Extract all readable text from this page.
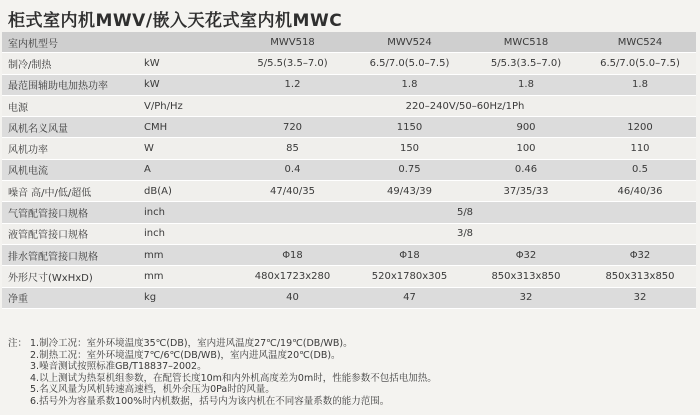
柜式室内机MWV/嵌入天花式室内机MWC
室内机型号		MWV518	MWV524	MWC518	MWC524
制冷/制热	kW	5/5.5(3.5–7.0)	6.5/7.0(5.0–7.5)	5/5.3(3.5–7.0)	6.5/7.0(5.0–7.5)
最范围辅助电加热功率	kW	1.2	1.8	1.8	1.8
电源	V/Ph/Hz	220–240V/50–60Hz/1Ph			
风机名义风量	CMH	720	1150	900	1200
风机功率	W	85	150	100	110
风机电流	A	0.4	0.75	0.46	0.5
噪音 高/中/低/超低	dB(A)	47/40/35	49/43/39	37/35/33	46/40/36
气管配管接口规格	inch	5/8			
液管配管接口规格	inch	3/8			
排水管配管接口规格	mm	Φ18	Φ18	Φ32	Φ32
外形尺寸(WxHxD)	mm	480x1723x280	520x1780x305	850x313x850	850x313x850
净重	kg	40	47	32	32
注： 1.制冷工况：室外环境温度35℃(DB)，室内进风温度27℃/19℃(DB/WB)。
2.制热工况：室外环境温度7℃/6℃(DB/WB)，室内进风温度20℃(DB)。
3.噪音测试按照标准GB/T18837–2002。
4.以上测试为热泵机组参数，在配管长度10m和内外机高度差为0m时，性能参数不包括电加热。
5.名义风量为风机转速高速档，机外余压为0Pa时的风量。
6.括号外为容量系数100%时内机数据，括号内为该内机在不同容量系数的能力范围。
